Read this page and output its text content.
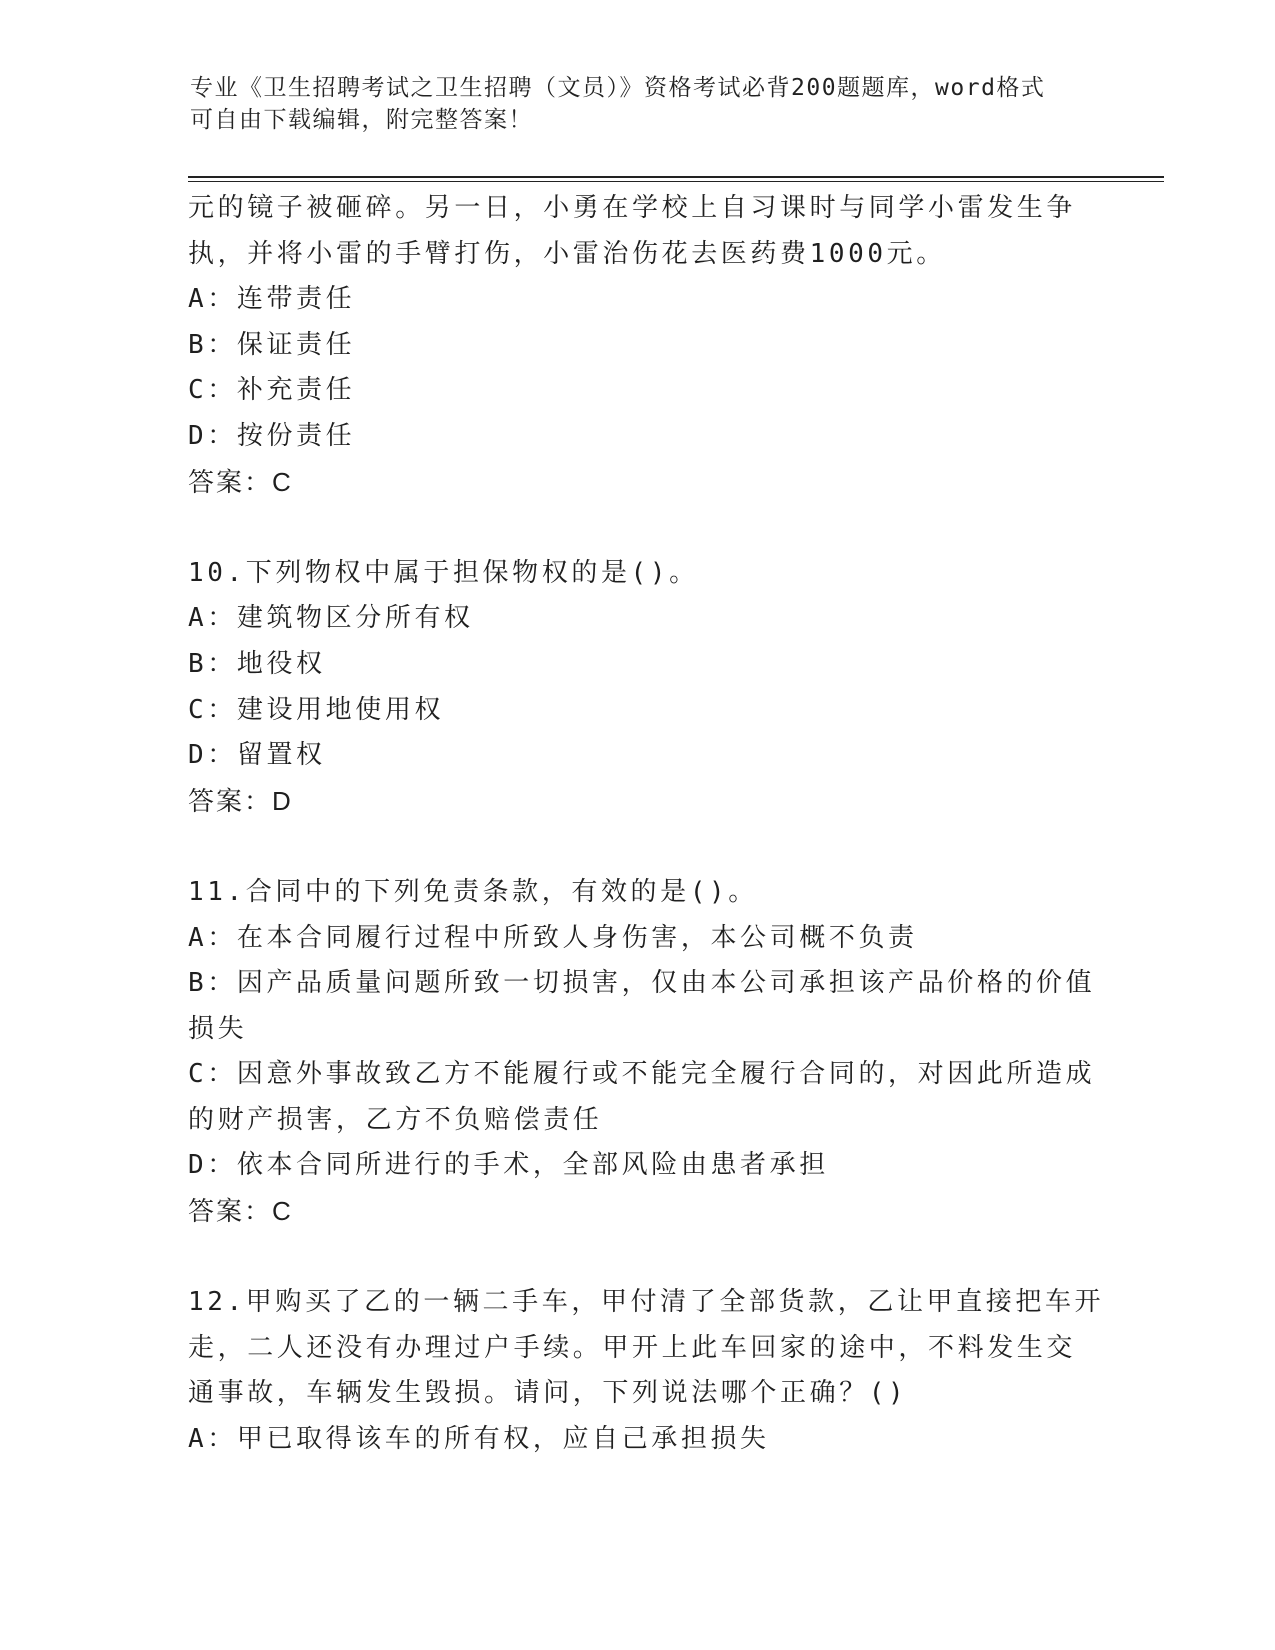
专业《卫生招聘考试之卫生招聘（文员）》资格考试必背200题题库，word格式
可自由下载编辑，附完整答案！
元的镜子被砸碎。另一日，小勇在学校上自习课时与同学小雷发生争
执，并将小雷的手臂打伤，小雷治伤花去医药费1000元。
A：连带责任
B：保证责任
C：补充责任
D：按份责任
答案：C
10.下列物权中属于担保物权的是()。
A：建筑物区分所有权
B：地役权
C：建设用地使用权
D：留置权
答案：D
11.合同中的下列免责条款，有效的是()。
A：在本合同履行过程中所致人身伤害，本公司概不负责
B：因产品质量问题所致一切损害，仅由本公司承担该产品价格的价值
损失
C：因意外事故致乙方不能履行或不能完全履行合同的，对因此所造成
的财产损害，乙方不负赔偿责任
D：依本合同所进行的手术，全部风险由患者承担
答案：C
12.甲购买了乙的一辆二手车，甲付清了全部货款，乙让甲直接把车开
走，二人还没有办理过户手续。甲开上此车回家的途中，不料发生交
通事故，车辆发生毁损。请问，下列说法哪个正确？()
A：甲已取得该车的所有权，应自己承担损失
